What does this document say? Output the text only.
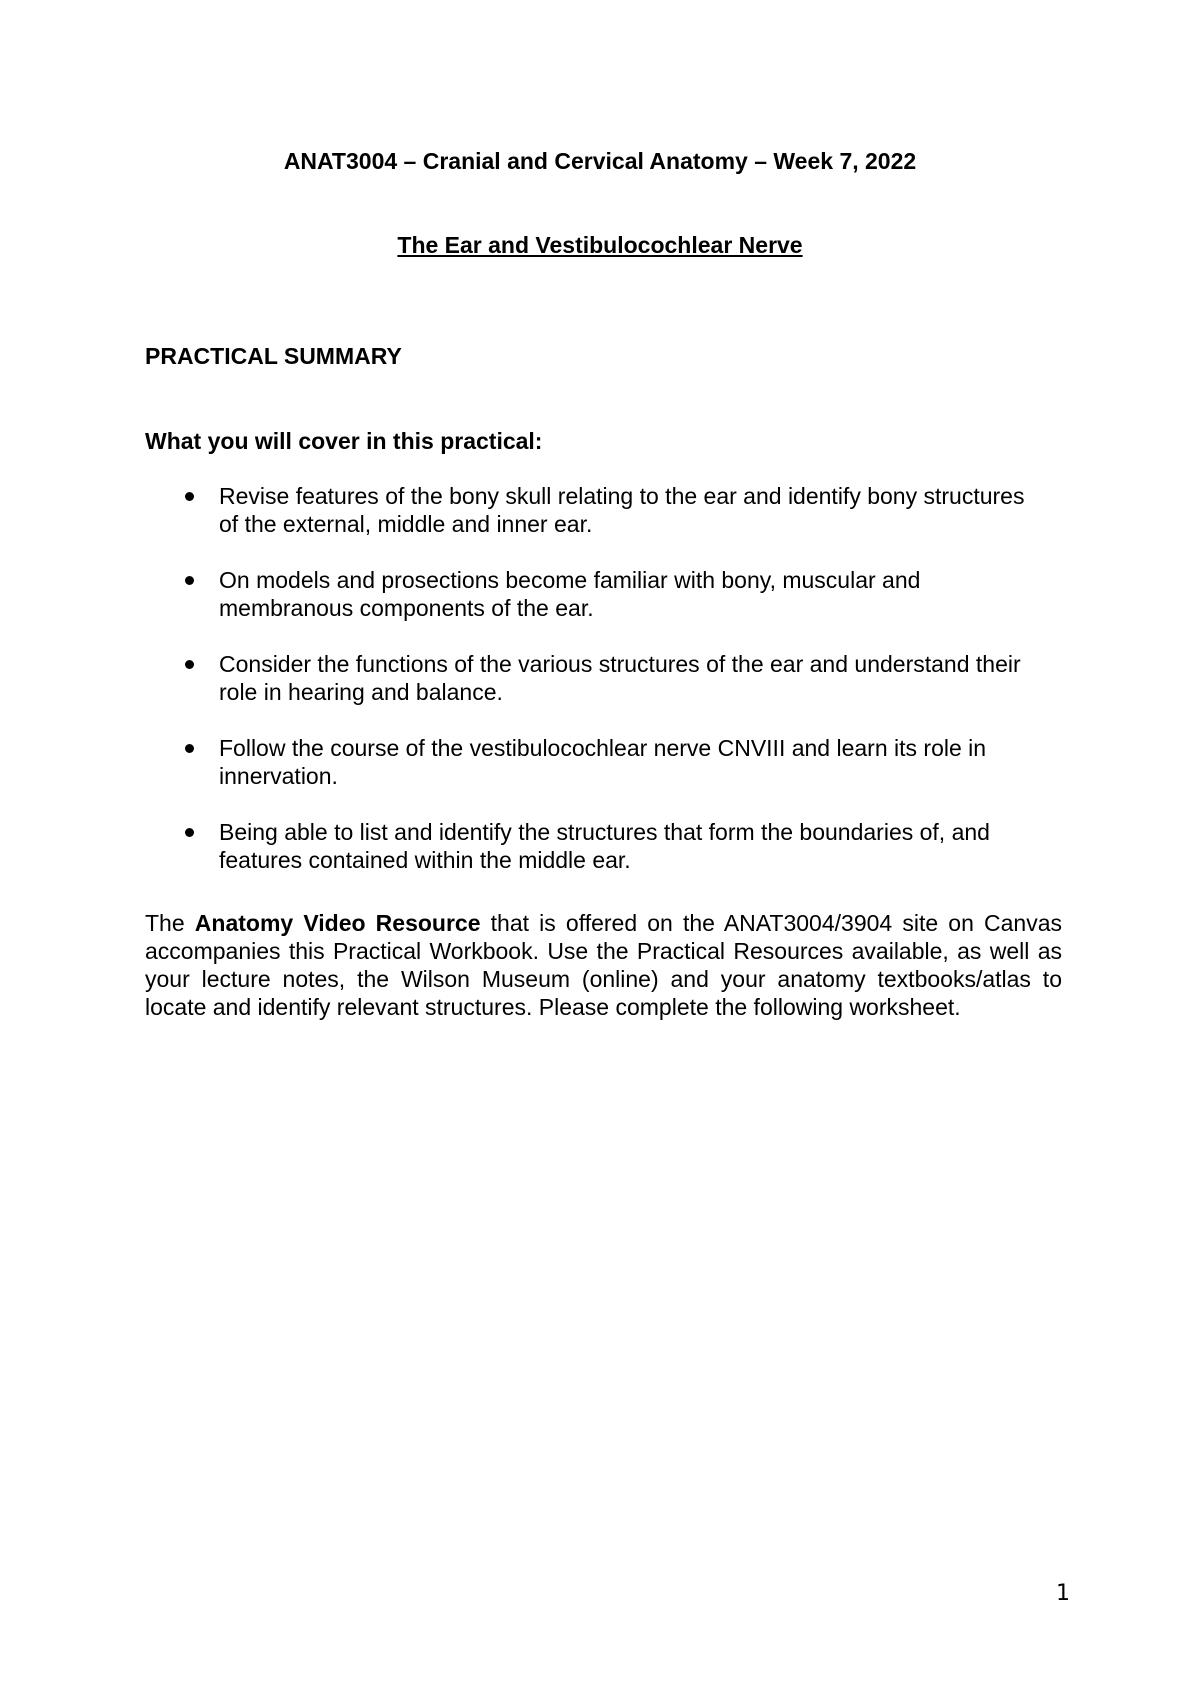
ANAT3004 – Cranial and Cervical Anatomy – Week 7, 2022
The Ear and Vestibulocochlear Nerve
PRACTICAL SUMMARY
What you will cover in this practical:
Revise features of the bony skull relating to the ear and identify bony structures of the external, middle and inner ear.
On models and prosections become familiar with bony, muscular and membranous components of the ear.
Consider the functions of the various structures of the ear and understand their role in hearing and balance.
Follow the course of the vestibulocochlear nerve CNVIII and learn its role in innervation.
Being able to list and identify the structures that form the boundaries of, and features contained within the middle ear.

The Anatomy Video Resource that is offered on the ANAT3004/3904 site on Canvas accompanies this Practical Workbook. Use the Practical Resources available, as well as your lecture notes, the Wilson Museum (online) and your anatomy textbooks/atlas to locate and identify relevant structures. Please complete the following worksheet.

1
